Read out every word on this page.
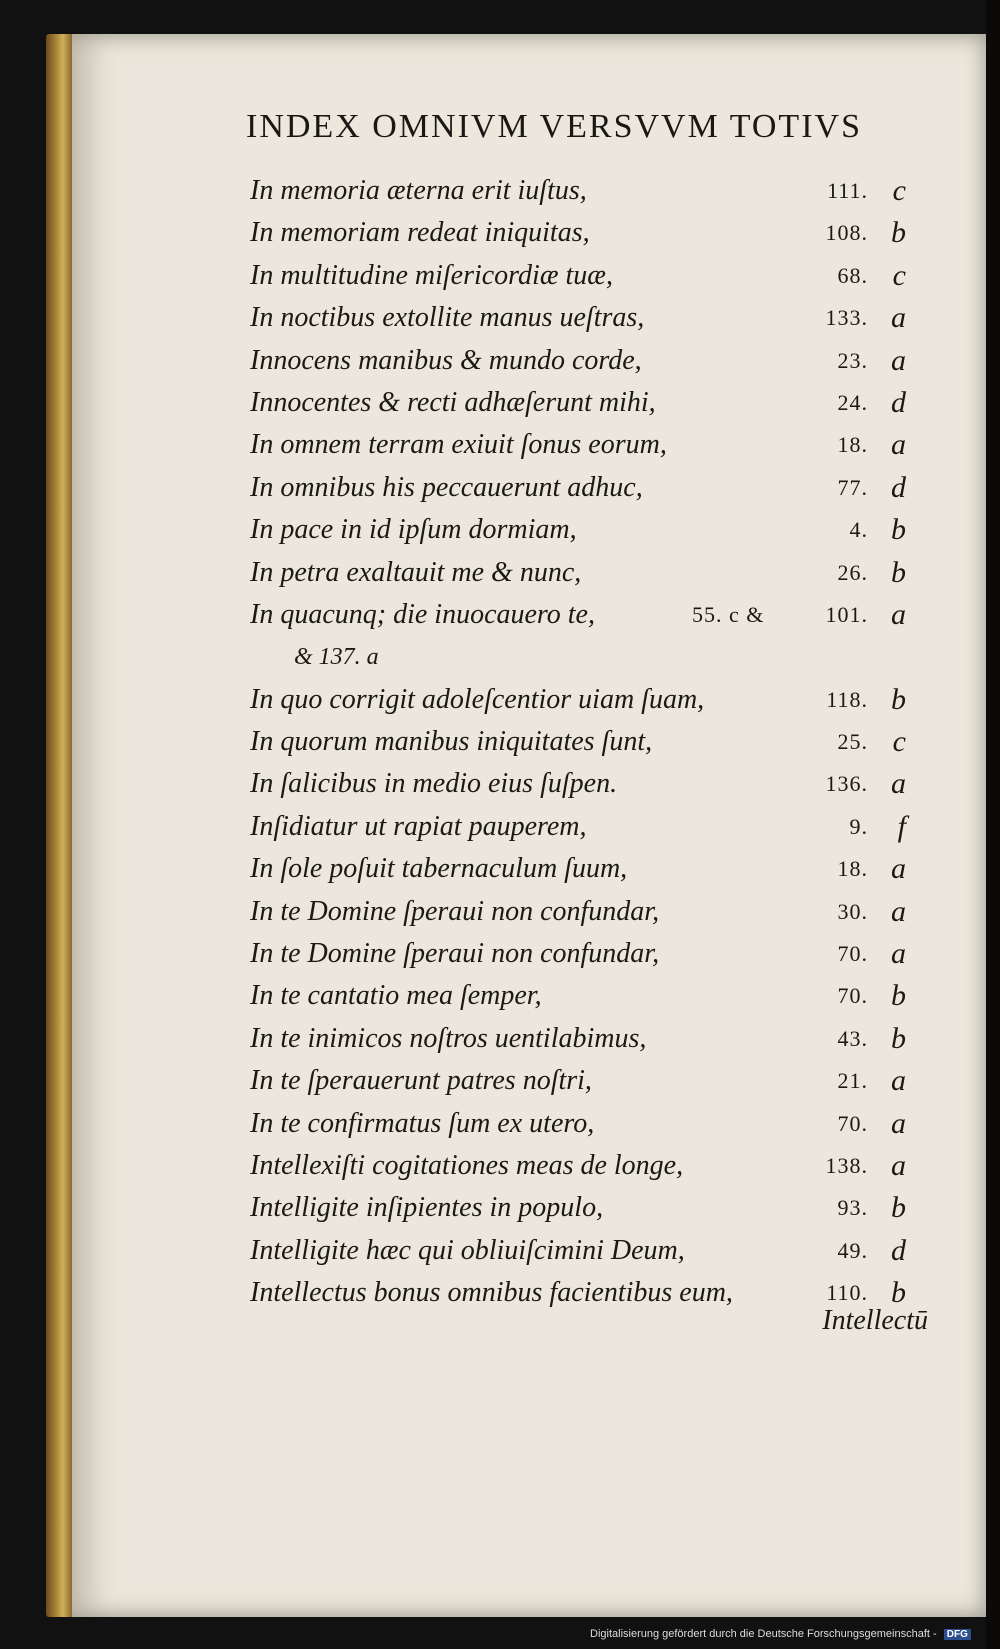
INDEX OMNIVM VERSVVM TOTIVS
In memoria æterna erit iuſtus,	111. c
In memoriam redeat iniquitas,	108. b
In multitudine miſericordiæ tuæ,	68. c
In noctibus extollite manus ueſtras,	133. a
Innocens manibus & mundo corde,	23. a
Innocentes & recti adhæſerunt mihi,	24. d
In omnem terram exiuit ſonus eorum,	18. a
In omnibus his peccauerunt adhuc,	77. d
In pace in id ipſum dormiam,	4. b
In petra exaltauit me & nunc,	26. b
In quacunq; die inuocauero te,	55. c &	101. a
& 137. a
In quo corrigit adoleſcentior uiam ſuam,	118. b
In quorum manibus iniquitates ſunt,	25. c
In ſalicibus in medio eius ſuſpen.	136. a
Inſidiatur ut rapiat pauperem,	9. f
In ſole poſuit tabernaculum ſuum,	18. a
In te Domine ſperaui non confundar,	30. a
In te Domine ſperaui non confundar,	70. a
In te cantatio mea ſemper,	70. b
In te inimicos noſtros uentilabimus,	43. b
In te ſperauerunt patres noſtri,	21. a
In te confirmatus ſum ex utero,	70. a
Intellexiſti cogitationes meas de longe,	138. a
Intelligite inſipientes in populo,	93. b
Intelligite hæc qui obliuiſcimini Deum,	49. d
Intellectus bonus omnibus facientibus eum,	110. b
Intellectū
Digitalisierung gefördert durch die Deutsche Forschungsgemeinschaft - DFG
